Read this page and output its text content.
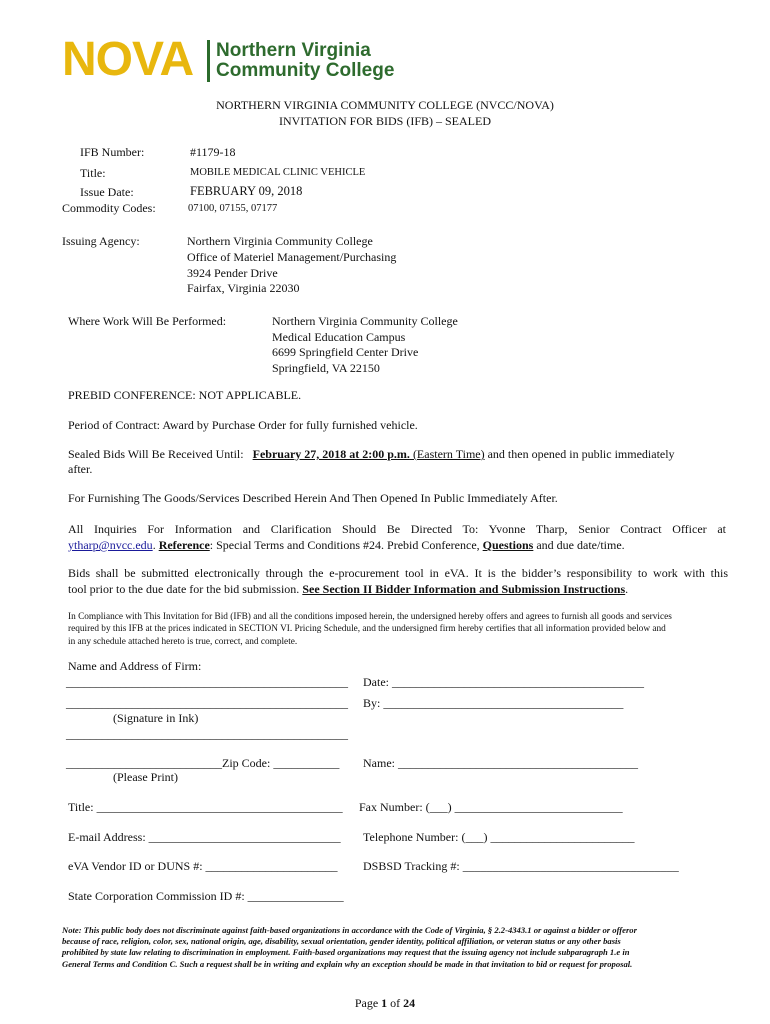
NOVA Northern Virginia
Community College
NORTHERN VIRGINIA COMMUNITY COLLEGE (NVCC/NOVA)
INVITATION FOR BIDS (IFB) – SEALED
IFB Number:	#1179-18
Title:	MOBILE MEDICAL CLINIC VEHICLE
Issue Date:	FEBRUARY 09, 2018
Commodity Codes:	07100, 07155, 07177
Issuing Agency:	Northern Virginia Community College
Office of Materiel Management/Purchasing
3924 Pender Drive
Fairfax, Virginia 22030
Where Work Will Be Performed:	Northern Virginia Community College
Medical Education Campus
6699 Springfield Center Drive
Springfield, VA 22150
PREBID CONFERENCE: NOT APPLICABLE.
Period of Contract: Award by Purchase Order for fully furnished vehicle.
Sealed Bids Will Be Received Until: February 27, 2018 at 2:00 p.m. (Eastern Time) and then opened in public immediately
after.
For Furnishing The Goods/Services Described Herein And Then Opened In Public Immediately After.
All Inquiries For Information and Clarification Should Be Directed To: Yvonne Tharp, Senior Contract Officer at
ytharp@nvcc.edu. Reference: Special Terms and Conditions #24. Prebid Conference, Questions and due date/time.
Bids shall be submitted electronically through the e-procurement tool in eVA. It is the bidder’s responsibility to work with this
tool prior to the due date for the bid submission. See Section II Bidder Information and Submission Instructions.
In Compliance with This Invitation for Bid (IFB) and all the conditions imposed herein, the undersigned hereby offers and agrees to furnish all goods and services
required by this IFB at the prices indicated in SECTION VI. Pricing Schedule, and the undersigned firm hereby certifies that all information provided below and
in any schedule attached hereto is true, correct, and complete.
Name and Address of Firm:
_______________________________________________ Date: __________________________________________
_______________________________________________ By: ________________________________________
(Signature in Ink)
_______________________________________________
__________________________Zip Code: ___________ Name: ________________________________________
(Please Print)
Title: _________________________________________ Fax Number: (___) ____________________________
E-mail Address: ________________________________ Telephone Number: (___) ________________________
eVA Vendor ID or DUNS #: ______________________ DSBSD Tracking #: ____________________________________
State Corporation Commission ID #: ________________
Note: This public body does not discriminate against faith-based organizations in accordance with the Code of Virginia, § 2.2-4343.1 or against a bidder or offeror
because of race, religion, color, sex, national origin, age, disability, sexual orientation, gender identity, political affiliation, or veteran status or any other basis
prohibited by state law relating to discrimination in employment. Faith-based organizations may request that the issuing agency not include subparagraph 1.e in
General Terms and Condition C. Such a request shall be in writing and explain why an exception should be made in that invitation to bid or request for proposal.
Page 1 of 24
